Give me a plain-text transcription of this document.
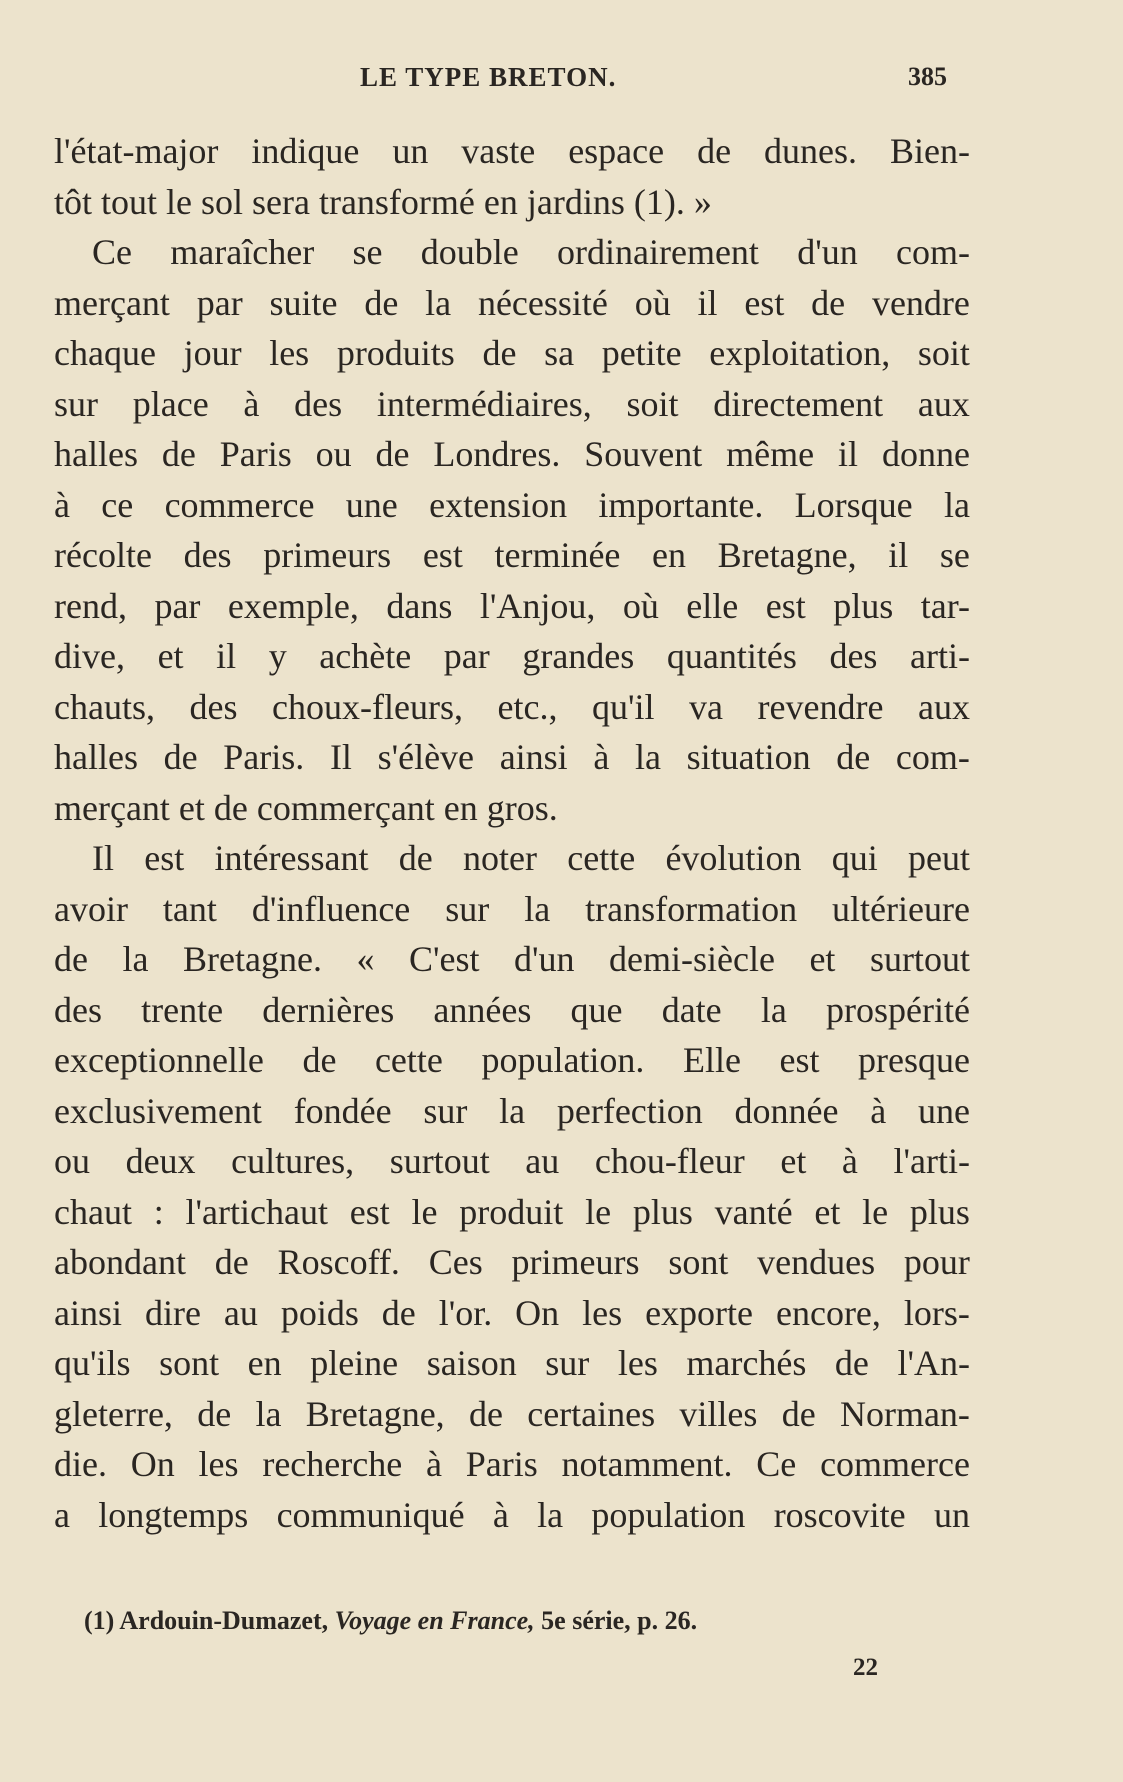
LE TYPE BRETON.	385
l'état-major indique un vaste espace de dunes. Bien-
tôt tout le sol sera transformé en jardins (1). »
Ce maraîcher se double ordinairement d'un com-
merçant par suite de la nécessité où il est de vendre
chaque jour les produits de sa petite exploitation, soit
sur place à des intermédiaires, soit directement aux
halles de Paris ou de Londres. Souvent même il donne
à ce commerce une extension importante. Lorsque la
récolte des primeurs est terminée en Bretagne, il se
rend, par exemple, dans l'Anjou, où elle est plus tar-
dive, et il y achète par grandes quantités des arti-
chauts, des choux-fleurs, etc., qu'il va revendre aux
halles de Paris. Il s'élève ainsi à la situation de com-
merçant et de commerçant en gros.
Il est intéressant de noter cette évolution qui peut
avoir tant d'influence sur la transformation ultérieure
de la Bretagne. « C'est d'un demi-siècle et surtout
des trente dernières années que date la prospérité
exceptionnelle de cette population. Elle est presque
exclusivement fondée sur la perfection donnée à une
ou deux cultures, surtout au chou-fleur et à l'arti-
chaut : l'artichaut est le produit le plus vanté et le plus
abondant de Roscoff. Ces primeurs sont vendues pour
ainsi dire au poids de l'or. On les exporte encore, lors-
qu'ils sont en pleine saison sur les marchés de l'An-
gleterre, de la Bretagne, de certaines villes de Norman-
die. On les recherche à Paris notamment. Ce commerce
a longtemps communiqué à la population roscovite un
(1) Ardouin-Dumazet, Voyage en France, 5e série, p. 26.
22
